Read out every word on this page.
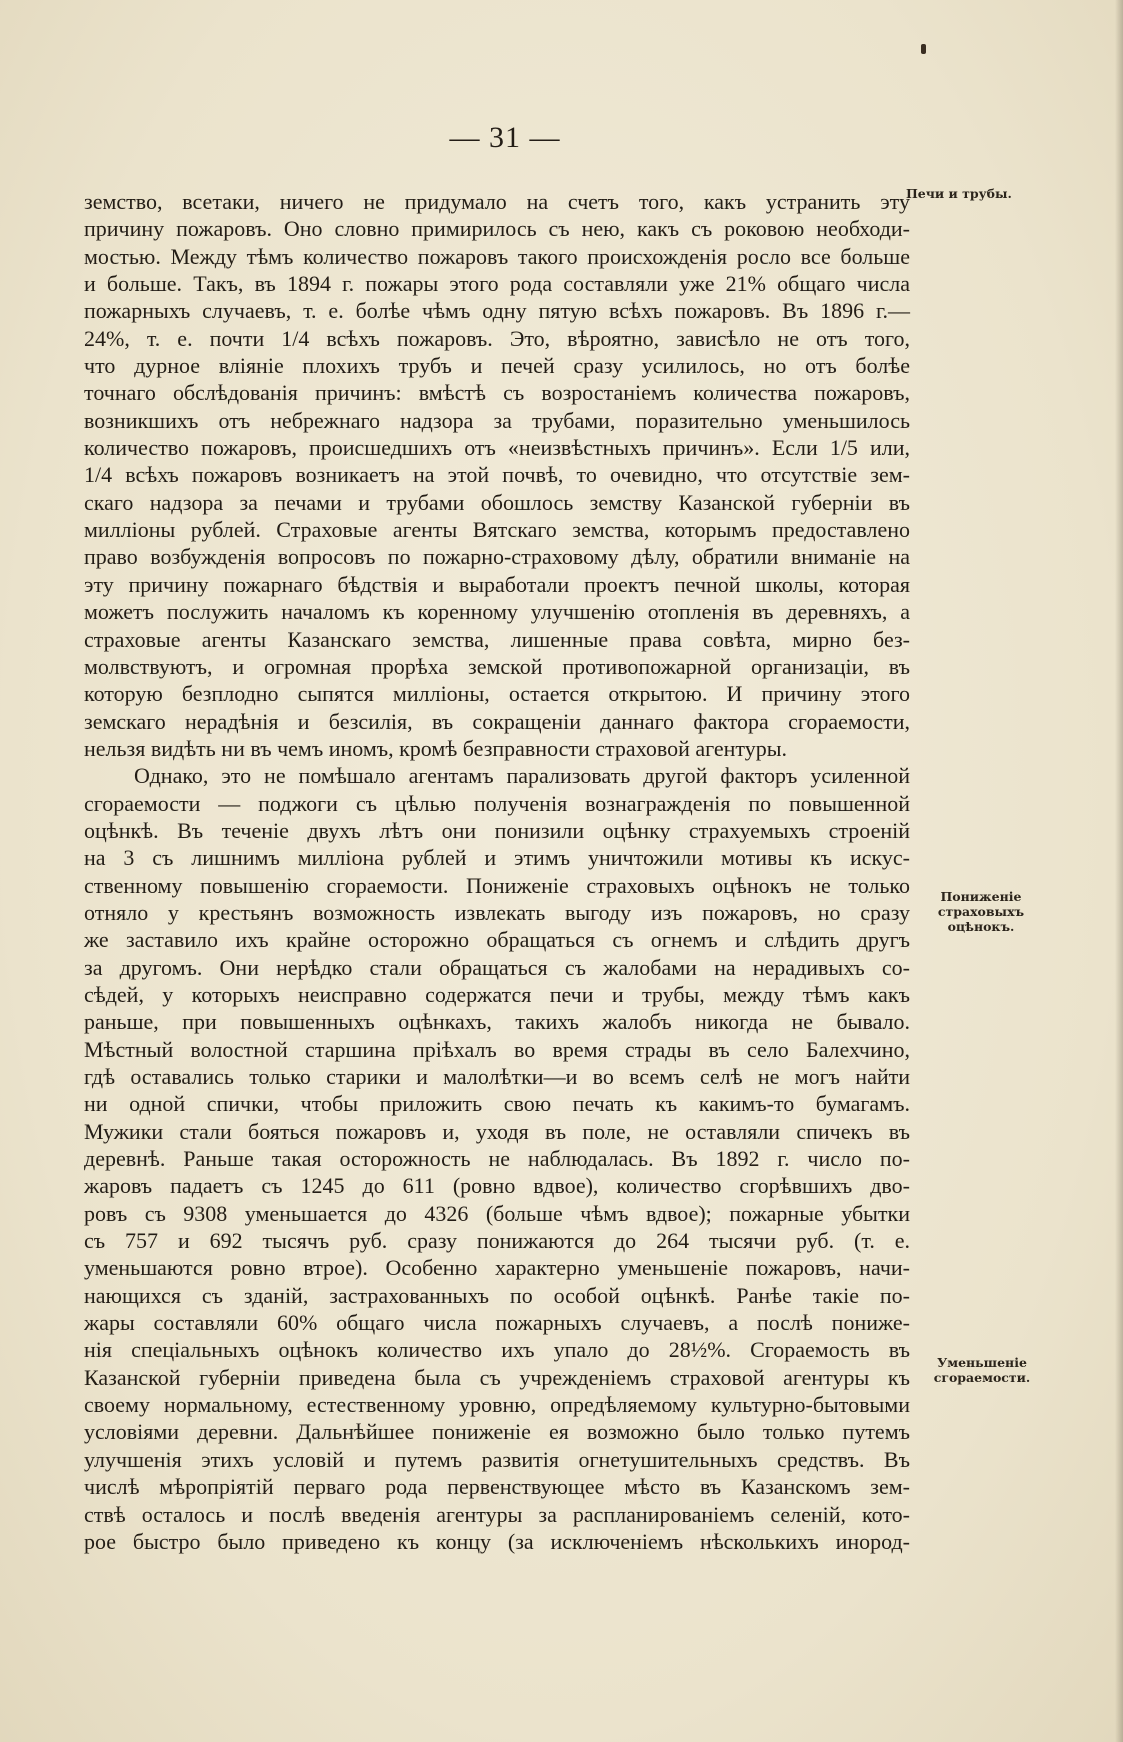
— 31 —
Печи и трубы.
Пониженiе страховыхъ оцѣнокъ.
Уменьшенiе сгораемости.
земство, всетаки, ничего не придумало на счетъ того, какъ устранить эту
причину пожаровъ. Оно словно примирилось съ нею, какъ съ роковою необходи-
мостью. Между тѣмъ количество пожаровъ такого происхожденiя росло все больше
и больше. Такъ, въ 1894 г. пожары этого рода составляли уже 21% общаго числа
пожарныхъ случаевъ, т. е. болѣе чѣмъ одну пятую всѣхъ пожаровъ. Въ 1896 г.—
24%, т. е. почти 1/4 всѣхъ пожаровъ. Это, вѣроятно, зависѣло не отъ того,
что дурное влiянiе плохихъ трубъ и печей сразу усилилось, но отъ болѣе
точнаго обслѣдованiя причинъ: вмѣстѣ съ возростанiемъ количества пожаровъ,
возникшихъ отъ небрежнаго надзора за трубами, поразительно уменьшилось
количество пожаровъ, происшедшихъ отъ «неизвѣстныхъ причинъ». Если 1/5 или,
1/4 всѣхъ пожаровъ возникаетъ на этой почвѣ, то очевидно, что отсутствiе зем-
скаго надзора за печами и трубами обошлось земству Казанской губернiи въ
миллiоны рублей. Страховые агенты Вятскаго земства, которымъ предоставлено
право возбужденiя вопросовъ по пожарно-страховому дѣлу, обратили вниманiе на
эту причину пожарнаго бѣдствiя и выработали проектъ печной школы, которая
можетъ послужить началомъ къ коренному улучшенiю отопленiя въ деревняхъ, а
страховые агенты Казанскаго земства, лишенные права совѣта, мирно без-
молвствуютъ, и огромная прорѣха земской противопожарной организацiи, въ
которую безплодно сыпятся миллiоны, остается открытою. И причину этого
земскаго нерадѣнiя и безсилiя, въ сокращенiи даннаго фактора сгораемости,
нельзя видѣть ни въ чемъ иномъ, кромѣ безправности страховой агентуры.
Однако, это не помѣшало агентамъ парализовать другой факторъ усиленной
сгораемости — поджоги съ цѣлью полученiя вознагражденiя по повышенной
оцѣнкѣ. Въ теченiе двухъ лѣтъ они понизили оцѣнку страхуемыхъ строенiй
на 3 съ лишнимъ миллiона рублей и этимъ уничтожили мотивы къ искус-
ственному повышенiю сгораемости. Пониженiе страховыхъ оцѣнокъ не только
отняло у крестьянъ возможность извлекать выгоду изъ пожаровъ, но сразу
же заставило ихъ крайне осторожно обращаться съ огнемъ и слѣдить другъ
за другомъ. Они нерѣдко стали обращаться съ жалобами на нерадивыхъ со-
сѣдей, у которыхъ неисправно содержатся печи и трубы, между тѣмъ какъ
раньше, при повышенныхъ оцѣнкахъ, такихъ жалобъ никогда не бывало.
Мѣстный волостной старшина прiѣхалъ во время страды въ село Балехчино,
гдѣ оставались только старики и малолѣтки—и во всемъ селѣ не могъ найти
ни одной спички, чтобы приложить свою печать къ какимъ-то бумагамъ.
Мужики стали бояться пожаровъ и, уходя въ поле, не оставляли спичекъ въ
деревнѣ. Раньше такая осторожность не наблюдалась. Въ 1892 г. число по-
жаровъ падаетъ съ 1245 до 611 (ровно вдвое), количество сгорѣвшихъ дво-
ровъ съ 9308 уменьшается до 4326 (больше чѣмъ вдвое); пожарные убытки
съ 757 и 692 тысячъ руб. сразу понижаются до 264 тысячи руб. (т. е.
уменьшаются ровно втрое). Особенно характерно уменьшенiе пожаровъ, начи-
нающихся съ зданiй, застрахованныхъ по особой оцѣнкѣ. Ранѣе такiе по-
жары составляли 60% общаго числа пожарныхъ случаевъ, а послѣ пониже-
нiя спецiальныхъ оцѣнокъ количество ихъ упало до 28½%. Сгораемость въ
Казанской губернiи приведена была съ учрежденiемъ страховой агентуры къ
своему нормальному, естественному уровню, опредѣляемому культурно-бытовыми
условiями деревни. Дальнѣйшее пониженiе ея возможно было только путемъ
улучшенiя этихъ условiй и путемъ развитiя огнетушительныхъ средствъ. Въ
числѣ мѣропрiятiй перваго рода первенствующее мѣсто въ Казанскомъ зем-
ствѣ осталось и послѣ введенiя агентуры за распланированiемъ селенiй, кото-
рое быстро было приведено къ концу (за исключенiемъ нѣсколькихъ инород-
